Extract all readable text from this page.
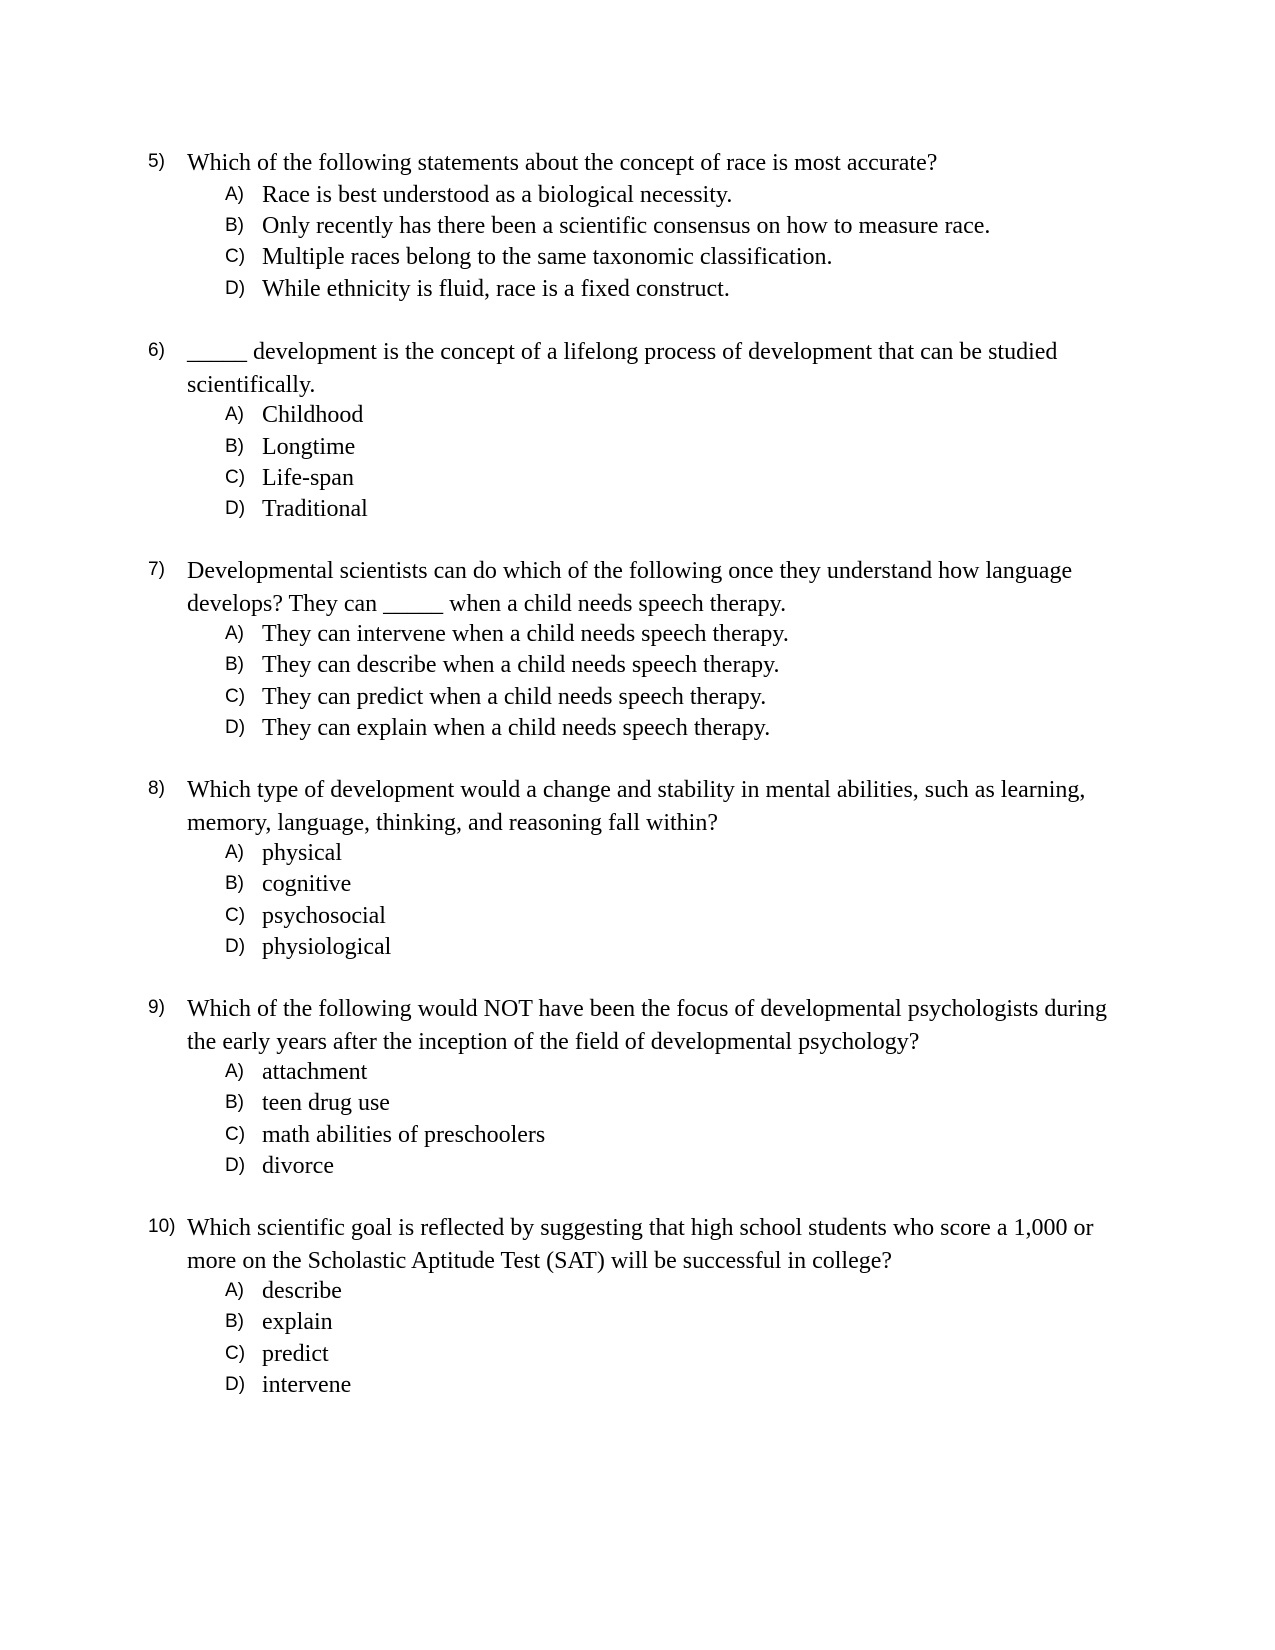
5) Which of the following statements about the concept of race is most accurate?
A) Race is best understood as a biological necessity.
B) Only recently has there been a scientific consensus on how to measure race.
C) Multiple races belong to the same taxonomic classification.
D) While ethnicity is fluid, race is a fixed construct.
6) _____ development is the concept of a lifelong process of development that can be studied scientifically.
A) Childhood
B) Longtime
C) Life-span
D) Traditional
7) Developmental scientists can do which of the following once they understand how language develops? They can _____ when a child needs speech therapy.
A) They can intervene when a child needs speech therapy.
B) They can describe when a child needs speech therapy.
C) They can predict when a child needs speech therapy.
D) They can explain when a child needs speech therapy.
8) Which type of development would a change and stability in mental abilities, such as learning, memory, language, thinking, and reasoning fall within?
A) physical
B) cognitive
C) psychosocial
D) physiological
9) Which of the following would NOT have been the focus of developmental psychologists during the early years after the inception of the field of developmental psychology?
A) attachment
B) teen drug use
C) math abilities of preschoolers
D) divorce
10) Which scientific goal is reflected by suggesting that high school students who score a 1,000 or more on the Scholastic Aptitude Test (SAT) will be successful in college?
A) describe
B) explain
C) predict
D) intervene
